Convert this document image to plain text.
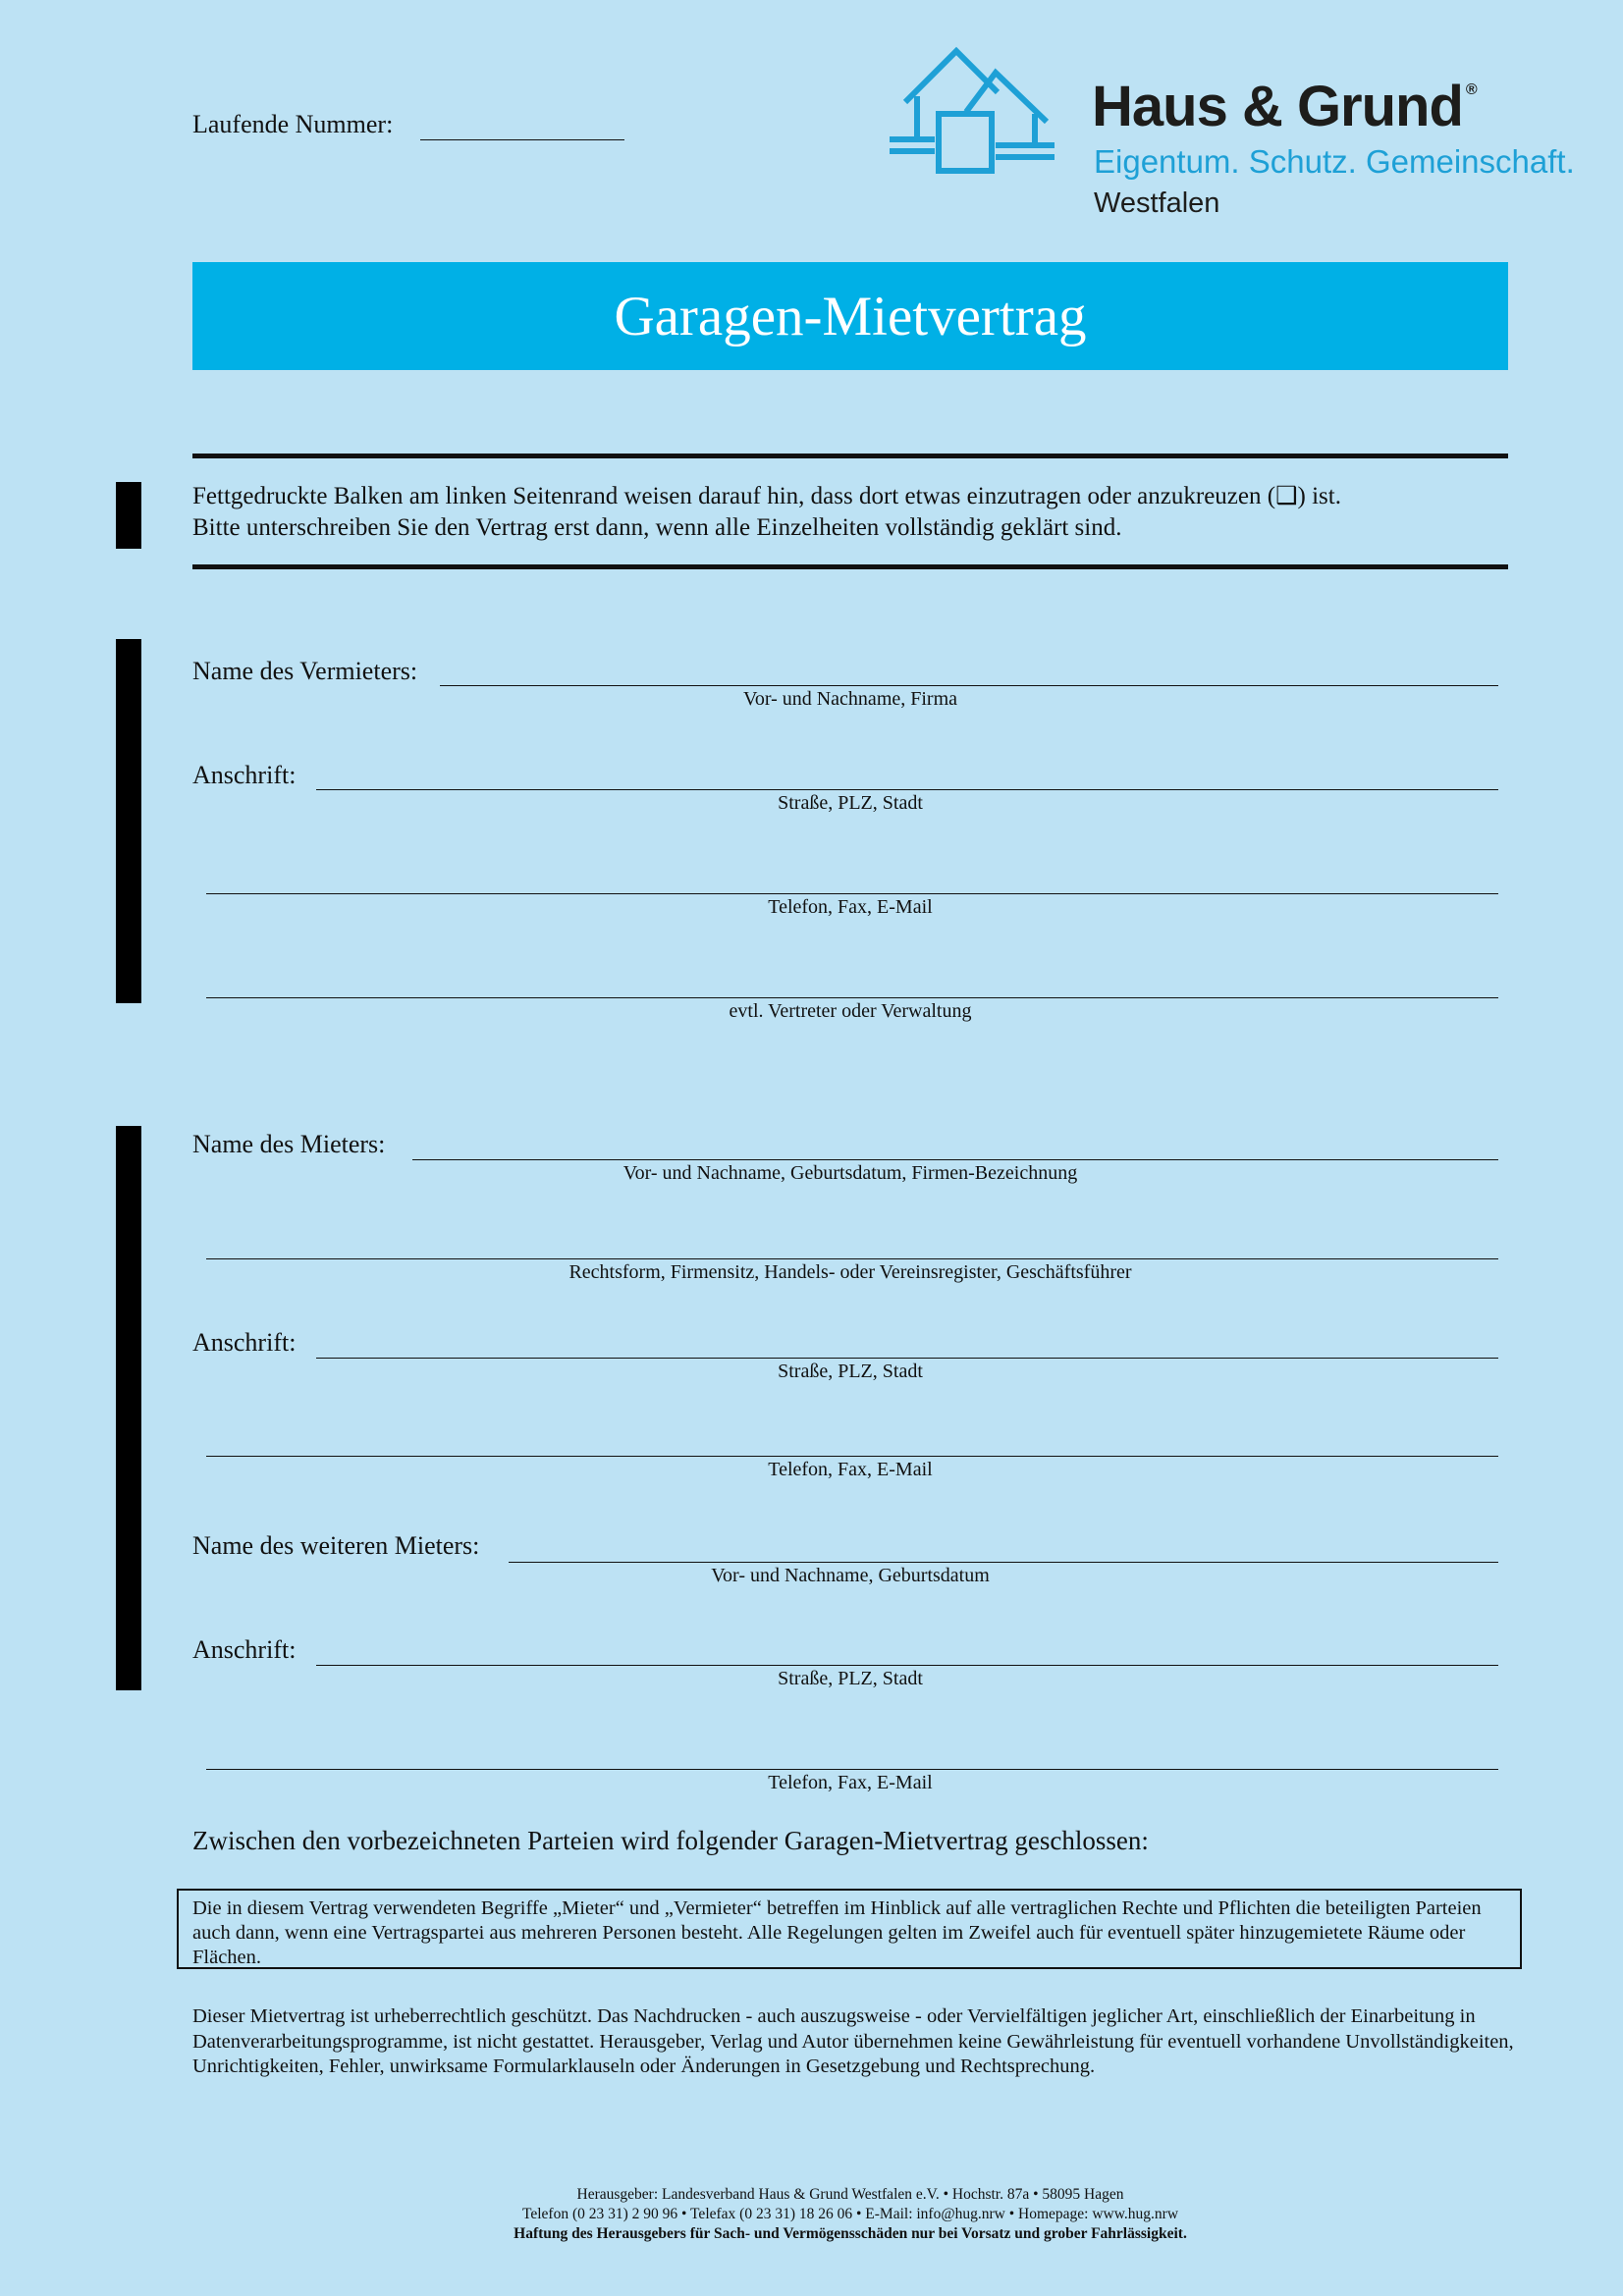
Laufende Nummer:	Haus & Grund ®
Eigentum. Schutz. Gemeinschaft.
Westfalen
Garagen-Mietvertrag
Fettgedruckte Balken am linken Seitenrand weisen darauf hin, dass dort etwas einzutragen oder anzukreuzen (❑) ist.
Bitte unterschreiben Sie den Vertrag erst dann, wenn alle Einzelheiten vollständig geklärt sind.
Name des Vermieters:
Vor- und Nachname, Firma
Anschrift:
Straße, PLZ, Stadt
Telefon, Fax, E-Mail
evtl. Vertreter oder Verwaltung
Name des Mieters:
Vor- und Nachname, Geburtsdatum, Firmen-Bezeichnung
Rechtsform, Firmensitz, Handels- oder Vereinsregister, Geschäftsführer
Anschrift:
Straße, PLZ, Stadt
Telefon, Fax, E-Mail
Name des weiteren Mieters:
Vor- und Nachname, Geburtsdatum
Anschrift:
Straße, PLZ, Stadt
Telefon, Fax, E-Mail
Zwischen den vorbezeichneten Parteien wird folgender Garagen-Mietvertrag geschlossen:
Die in diesem Vertrag verwendeten Begriffe „Mieter“ und „Vermieter“ betreffen im Hinblick auf alle vertraglichen Rechte und Pflichten die beteiligten Parteien auch dann, wenn eine Vertragspartei aus mehreren Personen besteht. Alle Regelungen gelten im Zweifel auch für eventuell später hinzugemietete Räume oder Flächen.
Dieser Mietvertrag ist urheberrechtlich geschützt. Das Nachdrucken - auch auszugsweise - oder Vervielfältigen jeglicher Art, einschließlich der Einarbeitung in Datenverarbeitungsprogramme, ist nicht gestattet. Herausgeber, Verlag und Autor übernehmen keine Gewährleistung für eventuell vorhandene Unvollständigkeiten, Unrichtigkeiten, Fehler, unwirksame Formularklauseln oder Änderungen in Gesetzgebung und Rechtsprechung.
Herausgeber: Landesverband Haus & Grund Westfalen e.V. • Hochstr. 87a • 58095 Hagen
Telefon (0 23 31) 2 90 96 • Telefax (0 23 31) 18 26 06 • E-Mail: info@hug.nrw • Homepage: www.hug.nrw
Haftung des Herausgebers für Sach- und Vermögensschäden nur bei Vorsatz und grober Fahrlässigkeit.
